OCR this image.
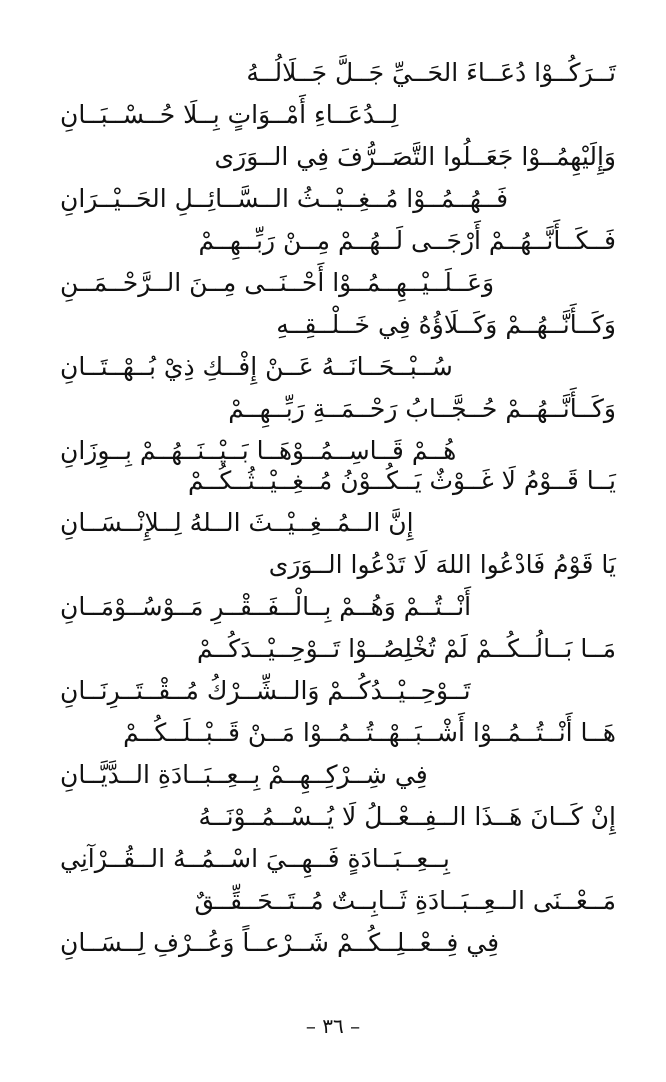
تَــرَكُــوْا دُعَــاءَ الحَــيِّ جَــلَّ جَــلَالُــهُ
لِــدُعَــاءِ أَمْــوَاتٍ بِــلَا حُــسْــبَــانِ
وَإِلَيْهِمُــوْا جَعَــلُوا التَّصَــرُّفَ فِي الــوَرَى
فَــهُــمُــوْا مُــغِــيْــثُ الــسَّــائِــلِ الحَــيْــرَانِ
فَــكَــأَنَّــهُــمْ أَرْجَــى لَــهُــمْ مِــنْ رَبِّــهِــمْ
وَعَــلَــيْــهِــمُــوْا أَحْــنَــى مِــنَ الــرَّحْــمَــنِ
وَكَــأَنَّــهُــمْ وَكَــلَاؤُهُ فِي خَــلْــقِــهِ
سُــبْــحَــانَــهُ عَــنْ إِفْــكِ ذِيْ بُــهْــتَــانِ
وَكَــأَنَّــهُــمْ حُــجَّــابُ رَحْــمَــةِ رَبِّــهِــمْ
هُــمْ قَــاسِــمُــوْهَــا بَــيْــنَــهُــمْ بِــوِزَانِ
يَــا قَــوْمُ لَا غَــوْثٌ يَــكُــوْنُ مُــغِــيْــثُــكُــمْ
إِنَّ الــمُــغِــيْــثَ الــلهُ لِــلإِنْــسَــانِ
يَا قَوْمُ فَادْعُوا اللهَ لَا تَدْعُوا الــوَرَى
أَنْــتُــمْ وَهُــمْ بِــالْــفَــقْــرِ مَــوْسُــوْمَــانِ
مَــا بَــالُــكُــمْ لَمْ تُخْلِصُــوْا تَــوْحِــيْــدَكُــمْ
تَــوْحِــيْــدُكُــمْ وَالــشِّــرْكُ مُــقْــتَــرِنَــانِ
هَــا أَنْــتُــمُــوْا أَشْــبَــهْــتُــمُــوْا مَــنْ قَــبْــلَــكُــمْ
فِي شِــرْكِــهِــمْ بِــعِــبَــادَةِ الــدَّيَّــانِ
إِنْ كَــانَ هَــذَا الــفِــعْــلُ لَا يُــسْــمُــوْنَــهُ
بِــعِــبَــادَةٍ فَــهِــيَ اسْــمُــهُ الــقُــرْآنِي
مَــعْــنَى الــعِــبَــادَةِ ثَــابِــتٌ مُــتَــحَــقِّــقٌ
فِي فِــعْــلِــكُــمْ شَــرْعــاً وَعُــرْفِ لِــسَــانِ
– ٣٦ –
